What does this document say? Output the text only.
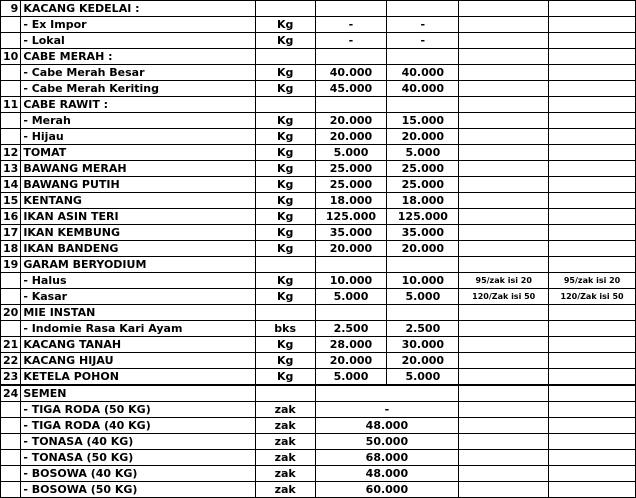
9	KACANG KEDELAI :					
	- Ex Impor	Kg	-	-		
	- Lokal	Kg	-	-		
10	CABE MERAH :					
	- Cabe Merah Besar	Kg	40.000	40.000		
	- Cabe Merah Keriting	Kg	45.000	40.000		
11	CABE RAWIT :					
	- Merah	Kg	20.000	15.000		
	- Hijau	Kg	20.000	20.000		
12	TOMAT	Kg	5.000	5.000		
13	BAWANG MERAH	Kg	25.000	25.000		
14	BAWANG PUTIH	Kg	25.000	25.000		
15	KENTANG	Kg	18.000	18.000		
16	IKAN ASIN TERI	Kg	125.000	125.000		
17	IKAN KEMBUNG	Kg	35.000	35.000		
18	IKAN BANDENG	Kg	20.000	20.000		
19	GARAM BERYODIUM					
	- Halus	Kg	10.000	10.000	95/zak isi 20	95/zak isi 20
	- Kasar	Kg	5.000	5.000	120/Zak isi 50	120/Zak isi 50
20	MIE INSTAN					
	- Indomie Rasa Kari Ayam	bks	2.500	2.500		
21	KACANG TANAH	Kg	28.000	30.000		
22	KACANG HIJAU	Kg	20.000	20.000		
23	KETELA POHON	Kg	5.000	5.000		
24	SEMEN					
	- TIGA RODA (50 KG)	zak	-			
	- TIGA RODA (40 KG)	zak	48.000			
	- TONASA (40 KG)	zak	50.000			
	- TONASA (50 KG)	zak	68.000			
	- BOSOWA (40 KG)	zak	48.000			
	- BOSOWA (50 KG)	zak	60.000			
